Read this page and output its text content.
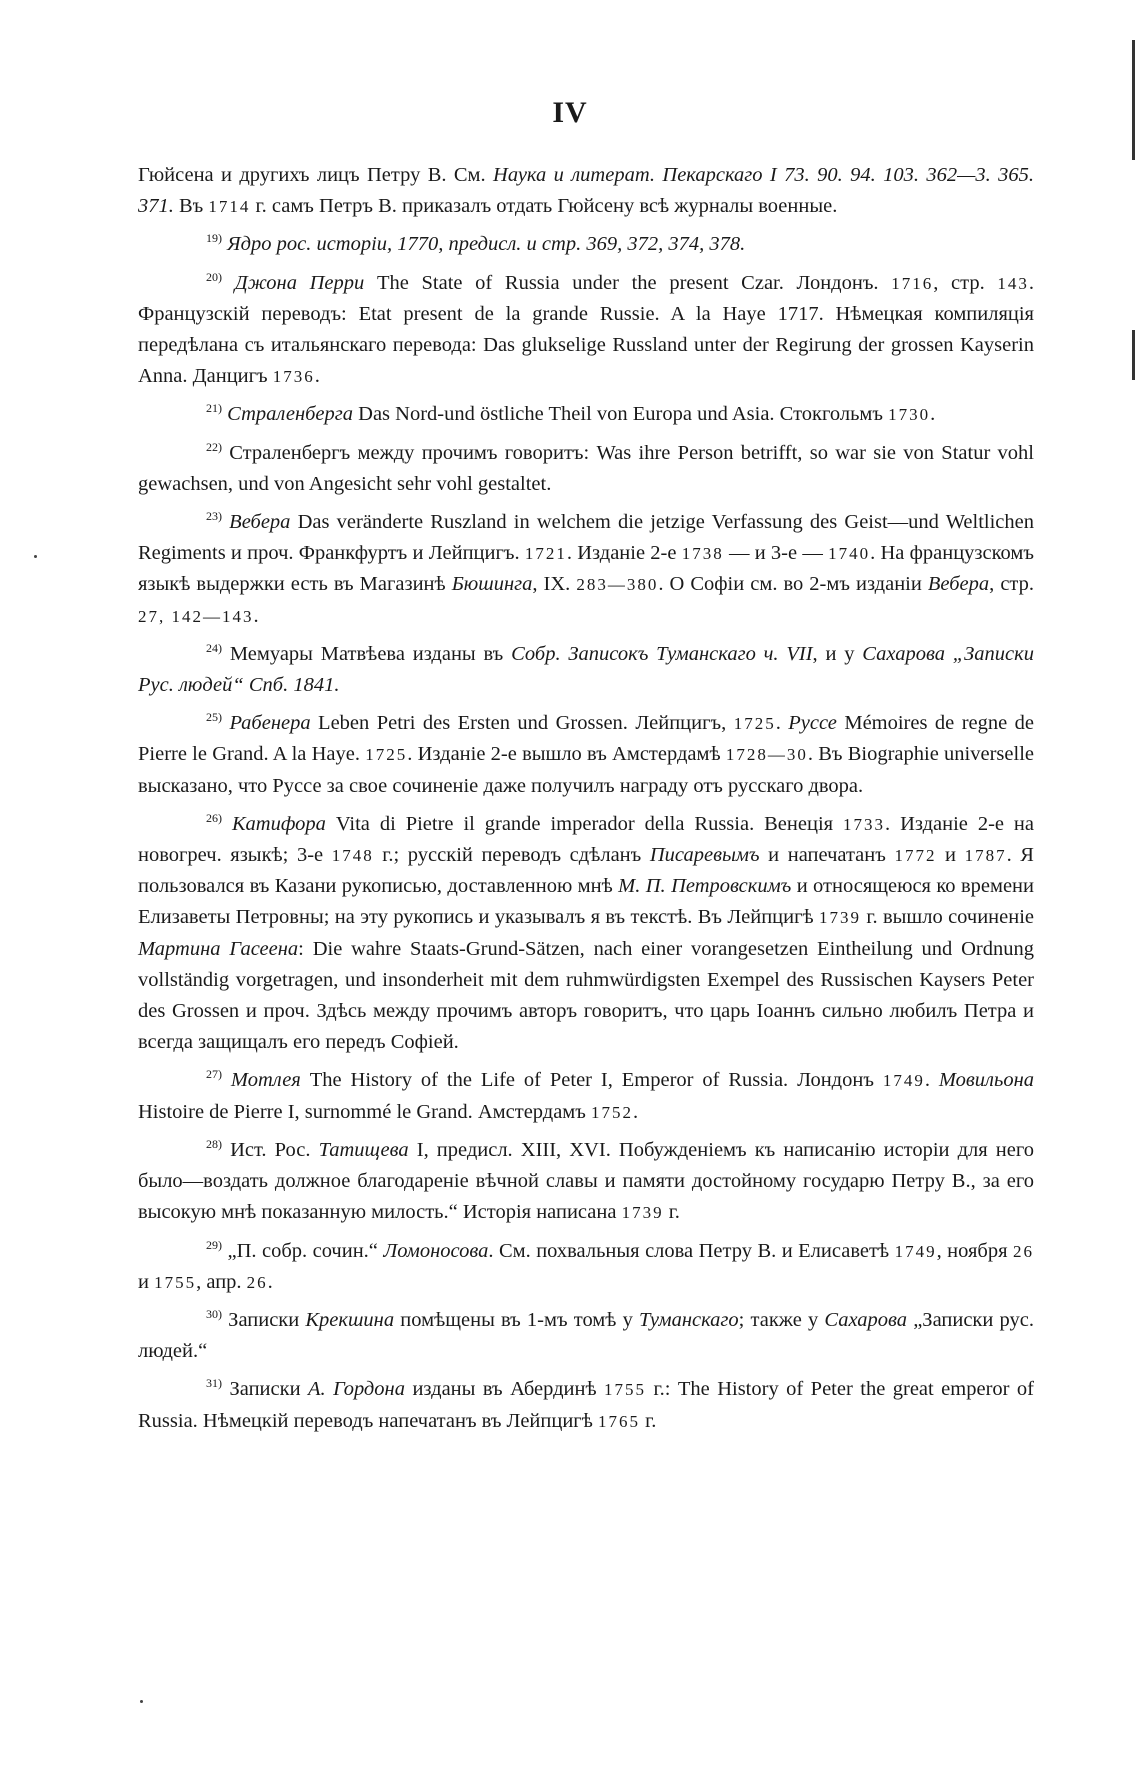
IV

Гюйсена и другихъ лицъ Петру В. См. Наука и литерат. Пекарскаго I 73. 90. 94. 103. 362—3. 365. 371. Въ 1714 г. самъ Петръ В. приказалъ отдать Гюйсену всѣ журналы военные.

$^{19)}$ Ядро рос. исторіи, 1770, предисл. и стр. 369, 372, 374, 378.

$^{20)}$ Джона Перри The State of Russia under the present Czar. Лондонъ. 1716, стр. 143. Французскій переводъ: Etat present de la grande Russie. A la Haye 1717. Нѣмецкая компиляція передѣлана съ итальянскаго перевода: Das glukselige Russland unter der Regirung der grossen Kayserin Anna. Данцигъ 1736.

$^{21)}$ Страленберга Das Nord-und östliche Theil von Europa und Asia. Стокгольмъ 1730.

$^{22)}$ Страленбергъ между прочимъ говоритъ: Was ihre Person betrifft, so war sie von Statur vohl gewachsen, und von Angesicht sehr vohl gestaltet.

$^{23)}$ Вебера Das veränderte Ruszland in welchem die jetzige Verfassung des Geist—und Weltlichen Regiments и проч. Франкфуртъ и Лейпцигъ. 1721. Изданіе 2-е 1738 — и 3-е — 1740. На французскомъ языкѣ выдержки есть въ Магазинѣ Бюшинга, IX. 283—380. О Софіи см. во 2-мъ изданіи Вебера, стр. 27, 142—143.

$^{24)}$ Мемуары Матвѣева изданы въ Собр. Записокъ Туманскаго ч. VII, и у Сахарова „Записки Рус. людей“ Спб. 1841.

$^{25)}$ Рабенера Leben Petri des Ersten und Grossen. Лейпцигъ, 1725. Руссе Mémoires de regne de Pierre le Grand. A la Haye. 1725. Изданіе 2-е вышло въ Амстердамѣ 1728—30. Въ Biographie universelle высказано, что Руссе за свое сочиненіе даже получилъ награду отъ русскаго двора.

$^{26)}$ Катифора Vita di Pietre il grande imperador della Russia. Венеція 1733. Изданіе 2-е на новогреч. языкѣ; 3-е 1748 г.; русскій переводъ сдѣланъ Писаревымъ и напечатанъ 1772 и 1787. Я пользовался въ Казани рукописью, доставленною мнѣ М. П. Петровскимъ и относящеюся ко времени Елизаветы Петровны; на эту рукопись и указывалъ я въ текстѣ. Въ Лейпцигѣ 1739 г. вышло сочиненіе Мартина Гасеена: Die wahre Staats-Grund-Sätzen, nach einer vorangesetzen Eintheilung und Ordnung vollständig vorgetragen, und insonderheit mit dem ruhmwürdigsten Exempel des Russischen Kaysers Peter des Grossen и проч. Здѣсь между прочимъ авторъ говоритъ, что царь Іоаннъ сильно любилъ Петра и всегда защищалъ его передъ Софіей.

$^{27)}$ Мотлея The History of the Life of Peter I, Emperor of Russia. Лондонъ 1749. Мовильона Histoire de Pierre I, surnommé le Grand. Амстердамъ 1752.

$^{28)}$ Ист. Рос. Татищева I, предисл. XIII, XVI. Побужденіемъ къ написанію исторіи для него было—воздать должное благодареніе вѣчной славы и памяти достойному государю Петру В., за его высокую мнѣ показанную милость.“ Исторія написана 1739 г.

$^{29)}$ „П. собр. сочин.“ Ломоносова. См. похвальныя слова Петру В. и Елисаветѣ 1749, ноября 26 и 1755, апр. 26.

$^{30)}$ Записки Крекшина помѣщены въ 1-мъ томѣ у Туманскаго; также у Сахарова „Записки рус. людей.“

$^{31)}$ Записки А. Гордона изданы въ Абердинѣ 1755 г.: The History of Peter the great emperor of Russia. Нѣмецкій переводъ напечатанъ въ Лейпцигѣ 1765 г.
